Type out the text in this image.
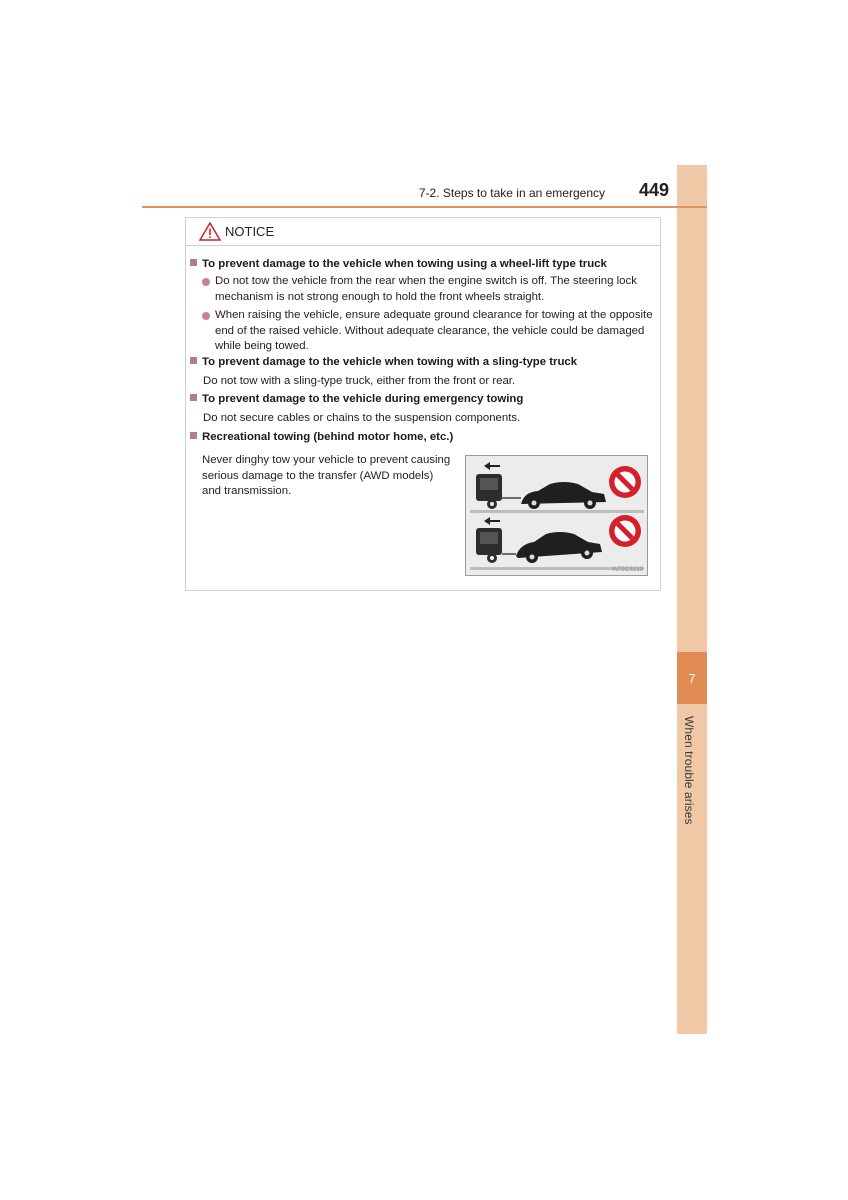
7
When trouble arises
7-2. Steps to take in an emergency 449
NOTICE
To prevent damage to the vehicle when towing using a wheel-lift type truck

Do not tow the vehicle from the rear when the engine switch is off. The steering lock mechanism is not strong enough to hold the front wheels straight.

When raising the vehicle, ensure adequate ground clearance for towing at the opposite end of the raised vehicle. Without adequate clearance, the vehicle could be damaged while being towed.

To prevent damage to the vehicle when towing with a sling-type truck
Do not tow with a sling-type truck, either from the front or rear.
To prevent damage to the vehicle during emergency towing
Do not secure cables or chains to the suspension components.
Recreational towing (behind motor home, etc.)
Never dinghy tow your vehicle to prevent causing serious damage to the transfer (AWD models) and transmission.
IN72CS210
